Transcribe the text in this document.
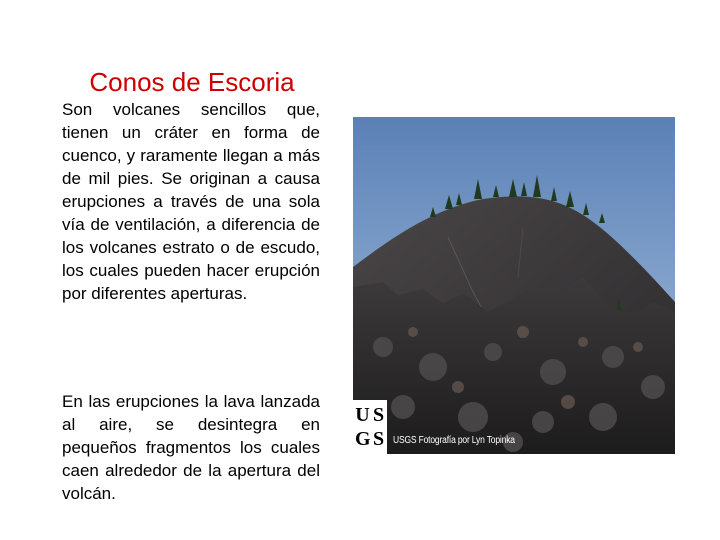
Conos de Escoria

Son volcanes sencillos que, tienen un cráter en forma de cuenco, y raramente llegan a más de mil pies. Se originan a causa erupciones a través de una sola vía de ventilación, a diferencia de los volcanes estrato o de escudo, los cuales pueden hacer erupción por diferentes aperturas.

En las erupciones la lava lanzada al aire, se desintegra en pequeños fragmentos los cuales caen alrededor de la apertura del volcán.

U S
G S USGS Fotografía por Lyn Topinka
